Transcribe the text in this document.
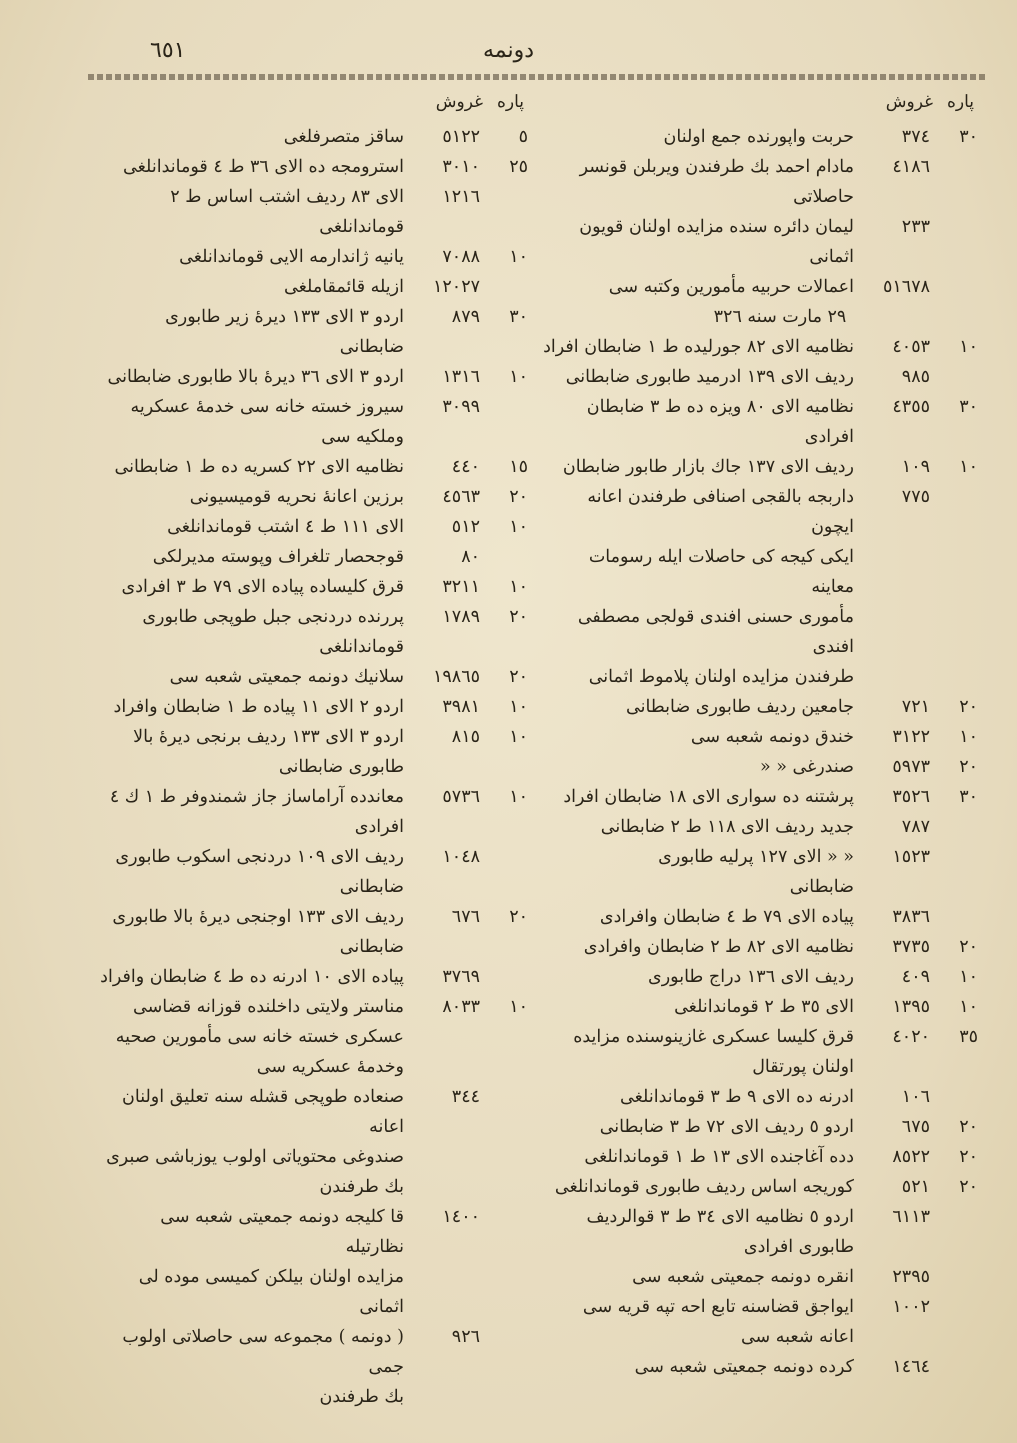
٦٥١	دونمه
پاره
غروش
٣٠
٣٧٤
حربت واپورنده جمع اولنان
٤١٨٦
مادام احمد بك طرفندن ويربلن قونسر
حاصلاتی
٢٣٣
ليمان دائره سنده مزايده اولنان قويون اثمانی
٥١٦٧٨
اعمالات حربيه مأمورين وكتبه سی
٢٩ مارت سنه ٣٢٦
١٠
٤٠٥٣
نظاميه الای ٨٢ جورليده ط ١ ضابطان افراد
٩٨٥
رديف الای ١٣٩ ادرميد طابوری ضابطانی
٣٠
٤٣٥٥
نظاميه الای ٨٠ ويزه ده ط ٣ ضابطان افرادی
١٠
١٠٩
رديف الای ١٣٧ جاك بازار طابور ضابطان
٧٧٥
داربجه بالقجی اصنافی طرفندن اعانه ایچون
ايكی كيجه كی حاصلات ايله رسومات معاينه
مأموری حسنی افندی قولجی مصطفی افندی
طرفندن مزايده اولنان پلاموط اثمانی
٢٠
٧٢١
جامعين رديف طابوری ضابطانی
١٠
٣١٢٢
خندق دونمه شعبه سی
٢٠
٥٩٧٣
صندرغی « «
٣٠
٣٥٢٦
پرشتنه ده سواری الای ١٨ ضابطان افراد
٧٨٧
جديد رديف الای ١١٨ ط ٢ ضابطانی
١٥٢٣
« « الای ١٢٧ پرليه طابوری
ضابطانی
٣٨٣٦
پياده الای ٧٩ ط ٤ ضابطان وافرادی
٢٠
٣٧٣٥
نظاميه الای ٨٢ ط ٢ ضابطان وافرادی
١٠
٤٠٩
رديف الای ١٣٦ دراج طابوری
١٠
١٣٩٥
الای ٣٥ ط ٢ قوماندانلغی
٣٥
٤٠٢٠
قرق كليسا عسكری غازينوسنده مزايده
اولنان پورتقال
١٠٦
ادرنه ده الای ٩ ط ٣ قوماندانلغی
٢٠
٦٧٥
اردو ٥ رديف الای ٧٢ ط ٣ ضابطانی
٢٠
٨٥٢٢
دده آغاجنده الای ١٣ ط ١ قوماندانلغی
٢٠
٥٢١
كوريجه اساس رديف طابوری قوماندانلغی
٦١١٣
اردو ٥ نظاميه الای ٣٤ ط ٣ قوالردیف
طابوری افرادی
٢٣٩٥
انقره دونمه جمعيتی شعبه سی
١٠٠٢
ايواجق قضاسنه تابع احه تپه قريه سی
اعانه شعبه سی
١٤٦٤
كرده دونمه جمعيتی شعبه سی
پاره
غروش
٥
٥١٢٢
ساقز متصرفلغی
٢٥
٣٠١٠
استرومجه ده الای ٣٦ ط ٤ قوماندانلغی
١٢١٦
الای ٨٣ رديف اشتب اساس ط ٢ قوماندانلغی
١٠
٧٠٨٨
يانيه ژاندارمه الايی قوماندانلغی
١٢٠٢٧
ازيله قائمقاملغی
٣٠
٨٧٩
اردو ٣ الای ١٣٣ ديرۀ زير طابوری
ضابطانی
١٠
١٣١٦
اردو ٣ الای ٣٦ ديرۀ بالا طابوری ضابطانی
٣٠٩٩
سيروز خسته خانه سی خدمۀ عسكريه
وملكيه سی
١٥
٤٤٠
نظاميه الای ٢٢ كسريه ده ط ١ ضابطانی
٢٠
٤٥٦٣
برزين اعانۀ نحريه قوميسيونی
١٠
٥١٢
الای ١١١ ط ٤ اشتب قوماندانلغی
٨٠
قوجحصار تلغراف وپوسته مديرلكی
١٠
٣٢١١
قرق كليساده پياده الای ٧٩ ط ٣ افرادی
٢٠
١٧٨٩
پررنده دردنجی جبل طوپجی طابوری
قوماندانلغی
٢٠
١٩٨٦٥
سلانيك دونمه جمعيتی شعبه سی
١٠
٣٩٨١
اردو ٢ الای ١١ پياده ط ١ ضابطان وافراد
١٠
٨١٥
اردو ٣ الای ١٣٣ رديف برنجی ديرۀ بالا
طابوری ضابطانی
١٠
٥٧٣٦
معاندده آراماساز جاز شمندوفر ط ١ ك ٤
افرادی
١٠٤٨
رديف الای ١٠٩ دردنجی اسكوب طابوری
ضابطانی
٢٠
٦٧٦
رديف الای ١٣٣ اوجنجی ديرۀ بالا طابوری
ضابطانی
٣٧٦٩
پياده الای ١٠ ادرنه ده ط ٤ ضابطان وافراد
١٠
٨٠٣٣
مناستر ولايتی داخلنده قوزانه قضاسی
عسكری خسته خانه سی مأمورين صحيه
وخدمۀ عسكريه سی
٣٤٤
صنعاده طوپجی قشله سنه تعليق اولنان اعانه
صندوغی محتوياتی اولوب يوزباشی صبری
بك طرفندن
١٤٠٠
قا كليجه دونمه جمعيتی شعبه سی نظارتيله
مزايده اولنان بيلكن كميسی موده لی اثمانی
٩٢٦
( دونمه ) مجموعه سی حاصلاتی اولوب جمی
بك طرفندن
